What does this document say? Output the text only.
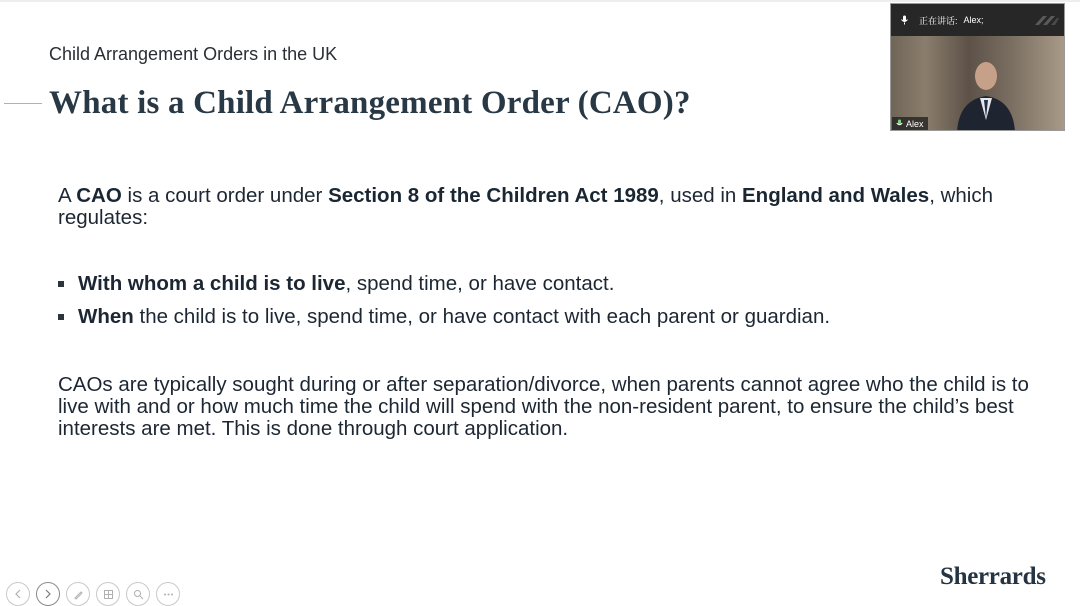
Child Arrangement Orders in the UK
What is a Child Arrangement Order (CAO)?

A CAO is a court order under Section 8 of the Children Act 1989, used in England and Wales, which regulates:

With whom a child is to live, spend time, or have contact.
When the child is to live, spend time, or have contact with each parent or guardian.

CAOs are typically sought during or after separation/divorce, when parents cannot agree who the child is to live with and or how much time the child will spend with the non-resident parent, to ensure the child’s best interests are met. This is done through court application.

Sherrards
正在讲话: Alex;
Alex
